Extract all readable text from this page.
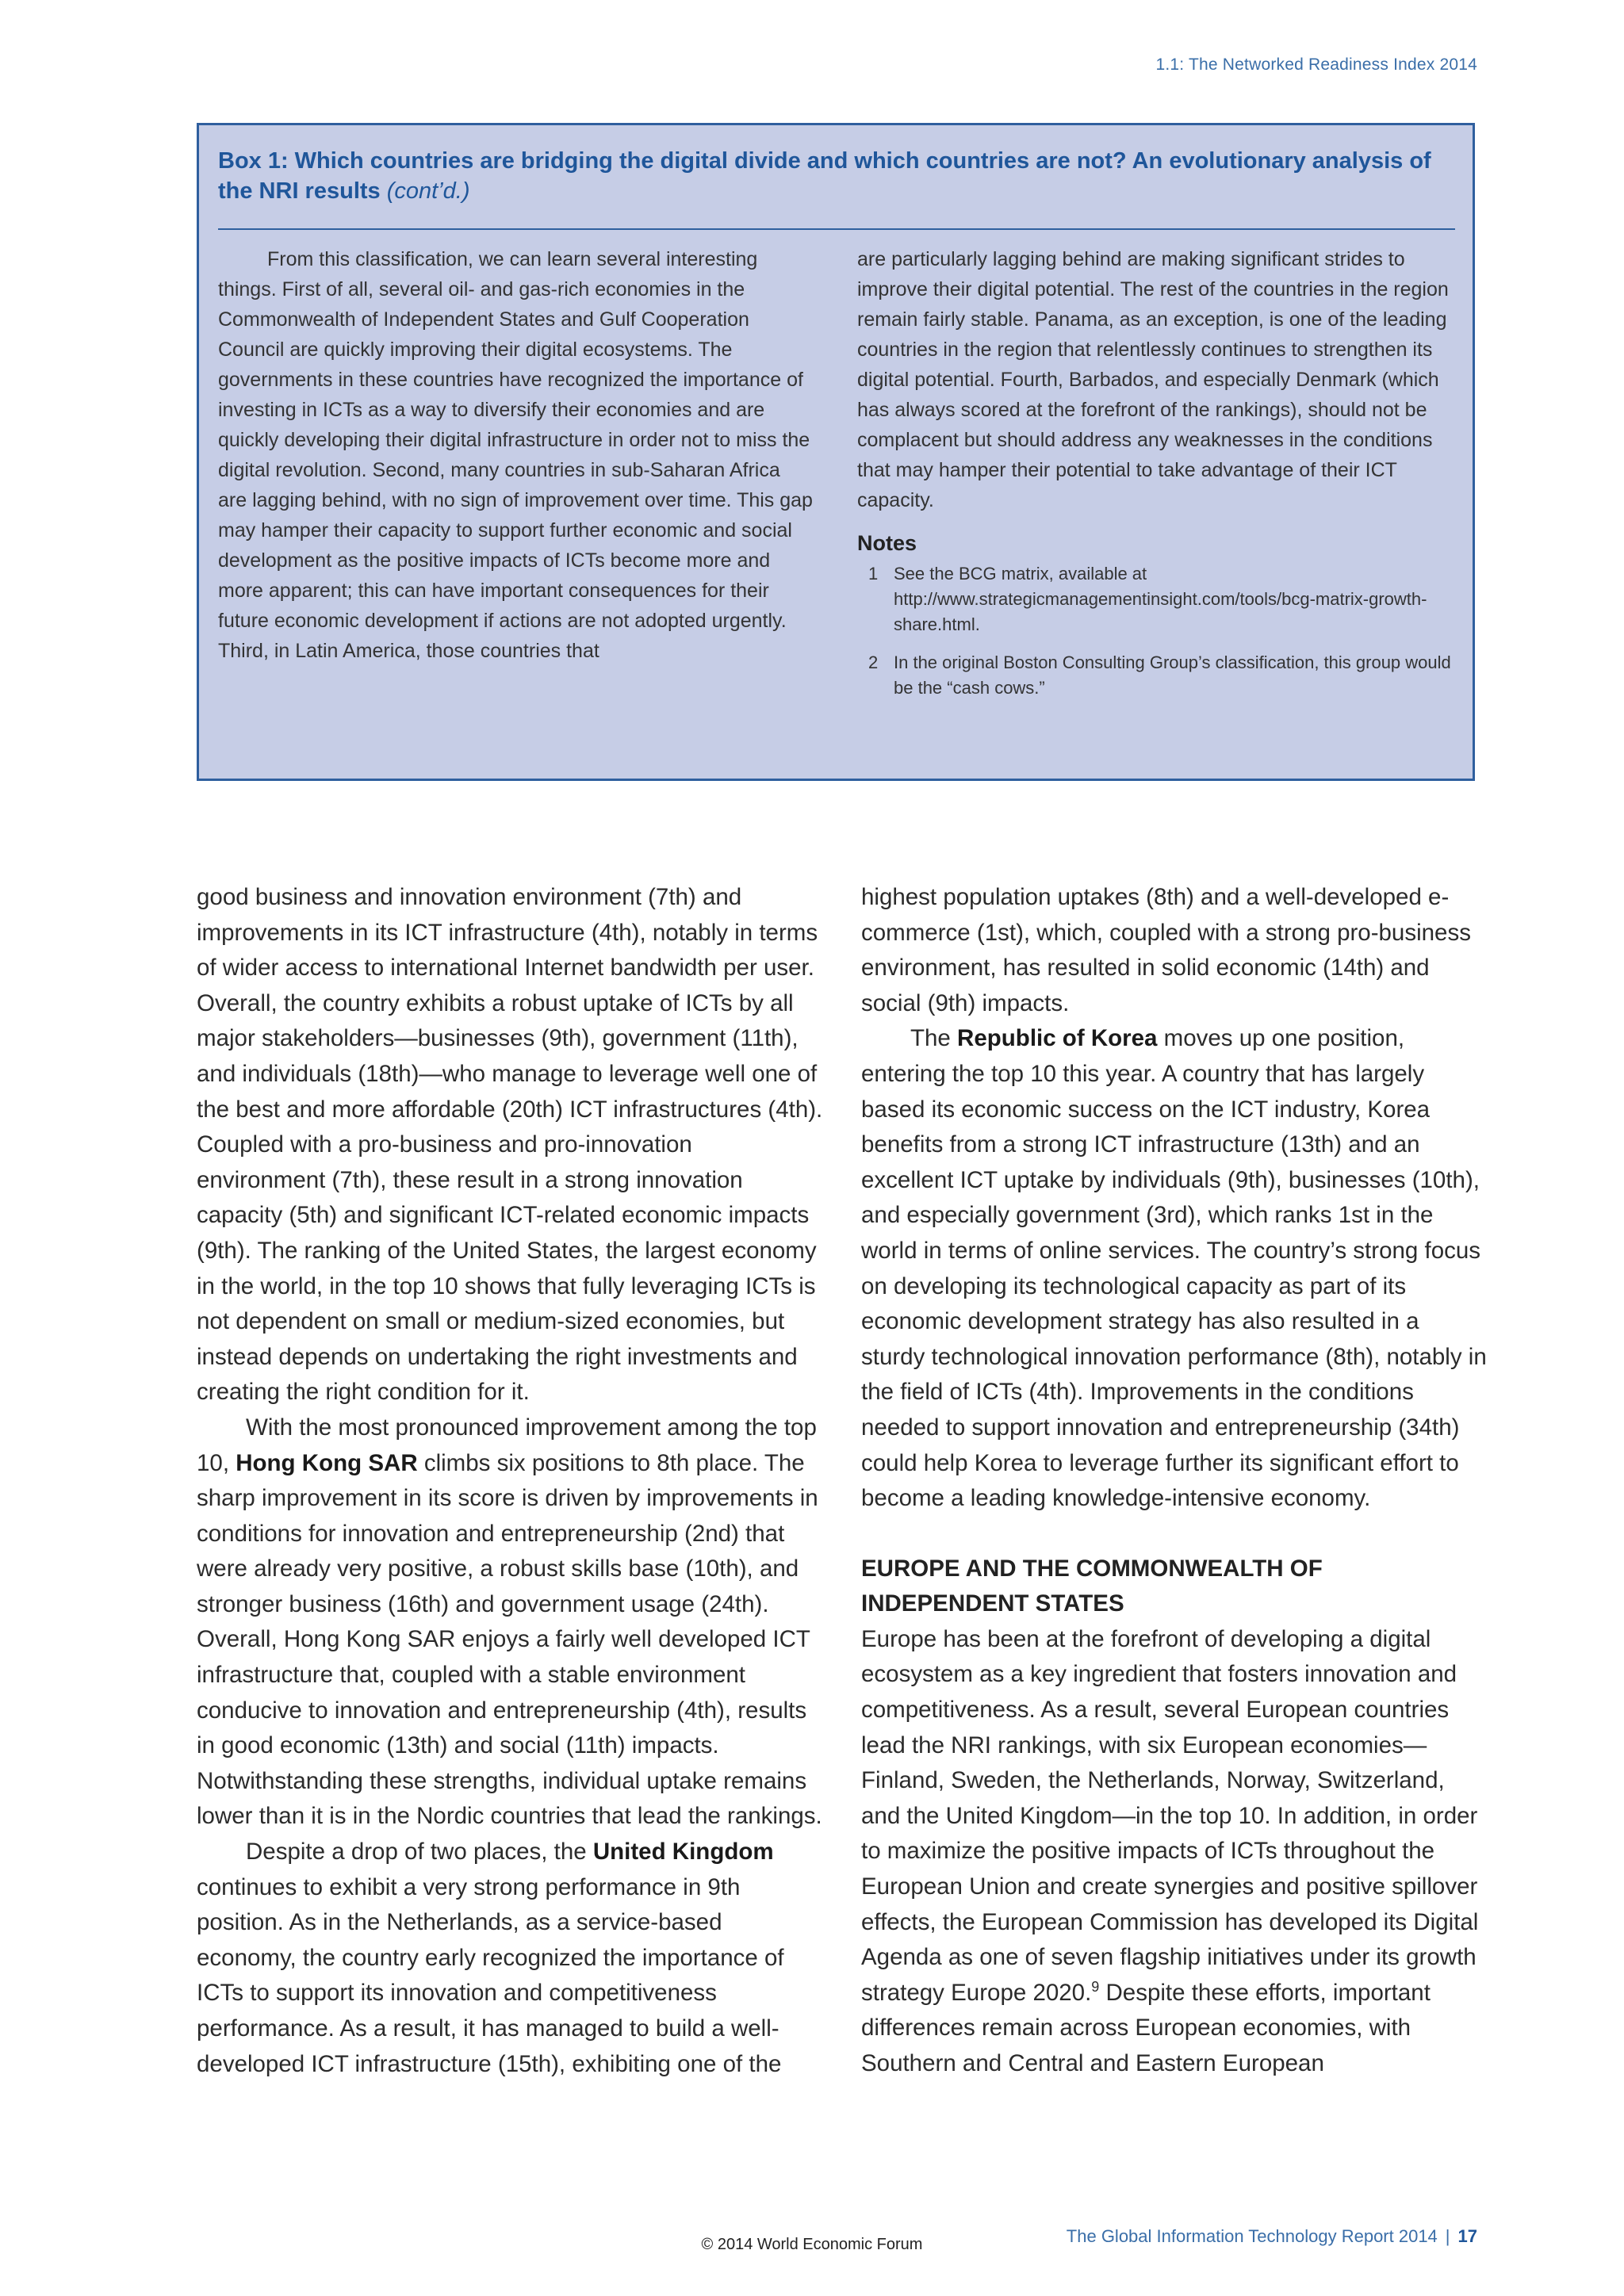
1.1: The Networked Readiness Index 2014
Box 1: Which countries are bridging the digital divide and which countries are not? An evolutionary analysis of the NRI results (cont’d.)

From this classification, we can learn several interesting things. First of all, several oil- and gas-rich economies in the Commonwealth of Independent States and Gulf Cooperation Council are quickly improving their digital ecosystems. The governments in these countries have recognized the importance of investing in ICTs as a way to diversify their economies and are quickly developing their digital infrastructure in order not to miss the digital revolution. Second, many countries in sub-Saharan Africa are lagging behind, with no sign of improvement over time. This gap may hamper their capacity to support further economic and social development as the positive impacts of ICTs become more and more apparent; this can have important consequences for their future economic development if actions are not adopted urgently. Third, in Latin America, those countries that

are particularly lagging behind are making significant strides to improve their digital potential. The rest of the countries in the region remain fairly stable. Panama, as an exception, is one of the leading countries in the region that relentlessly continues to strengthen its digital potential. Fourth, Barbados, and especially Denmark (which has always scored at the forefront of the rankings), should not be complacent but should address any weaknesses in the conditions that may hamper their potential to take advantage of their ICT capacity.

Notes
1 See the BCG matrix, available at http://www.strategicmanagementinsight.com/tools/bcg-matrix-growth-share.html.
2 In the original Boston Consulting Group’s classification, this group would be the “cash cows.”

good business and innovation environment (7th) and improvements in its ICT infrastructure (4th), notably in terms of wider access to international Internet bandwidth per user. Overall, the country exhibits a robust uptake of ICTs by all major stakeholders—businesses (9th), government (11th), and individuals (18th)—who manage to leverage well one of the best and more affordable (20th) ICT infrastructures (4th). Coupled with a pro-business and pro-innovation environment (7th), these result in a strong innovation capacity (5th) and significant ICT-related economic impacts (9th). The ranking of the United States, the largest economy in the world, in the top 10 shows that fully leveraging ICTs is not dependent on small or medium-sized economies, but instead depends on undertaking the right investments and creating the right condition for it.

With the most pronounced improvement among the top 10, Hong Kong SAR climbs six positions to 8th place. The sharp improvement in its score is driven by improvements in conditions for innovation and entrepreneurship (2nd) that were already very positive, a robust skills base (10th), and stronger business (16th) and government usage (24th). Overall, Hong Kong SAR enjoys a fairly well developed ICT infrastructure that, coupled with a stable environment conducive to innovation and entrepreneurship (4th), results in good economic (13th) and social (11th) impacts. Notwithstanding these strengths, individual uptake remains lower than it is in the Nordic countries that lead the rankings.

Despite a drop of two places, the United Kingdom continues to exhibit a very strong performance in 9th position. As in the Netherlands, as a service-based economy, the country early recognized the importance of ICTs to support its innovation and competitiveness performance. As a result, it has managed to build a well-developed ICT infrastructure (15th), exhibiting one of the

highest population uptakes (8th) and a well-developed e-commerce (1st), which, coupled with a strong pro-business environment, has resulted in solid economic (14th) and social (9th) impacts.

The Republic of Korea moves up one position, entering the top 10 this year. A country that has largely based its economic success on the ICT industry, Korea benefits from a strong ICT infrastructure (13th) and an excellent ICT uptake by individuals (9th), businesses (10th), and especially government (3rd), which ranks 1st in the world in terms of online services. The country’s strong focus on developing its technological capacity as part of its economic development strategy has also resulted in a sturdy technological innovation performance (8th), notably in the field of ICTs (4th). Improvements in the conditions needed to support innovation and entrepreneurship (34th) could help Korea to leverage further its significant effort to become a leading knowledge-intensive economy.

EUROPE AND THE COMMONWEALTH OF INDEPENDENT STATES

Europe has been at the forefront of developing a digital ecosystem as a key ingredient that fosters innovation and competitiveness. As a result, several European countries lead the NRI rankings, with six European economies—Finland, Sweden, the Netherlands, Norway, Switzerland, and the United Kingdom—in the top 10. In addition, in order to maximize the positive impacts of ICTs throughout the European Union and create synergies and positive spillover effects, the European Commission has developed its Digital Agenda as one of seven flagship initiatives under its growth strategy Europe 2020.$^9$ Despite these efforts, important differences remain across European economies, with Southern and Central and Eastern European

© 2014 World Economic Forum	The Global Information Technology Report 2014 | 17
